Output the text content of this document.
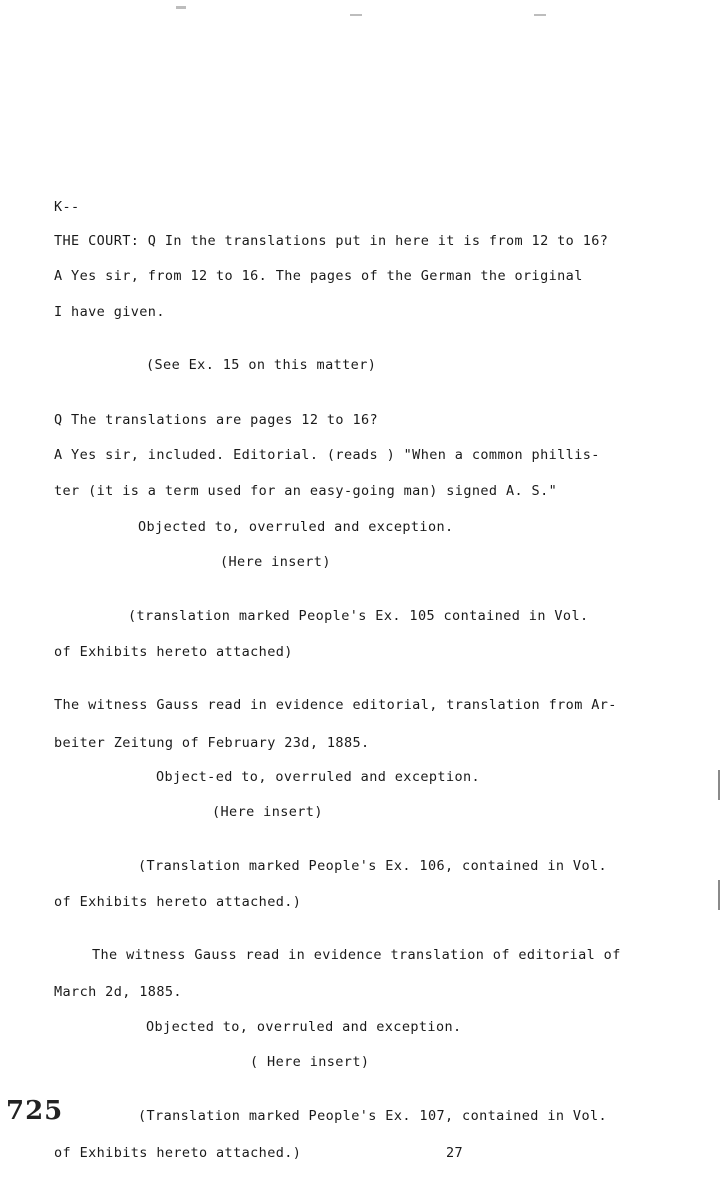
K--
THE COURT: Q In the translations put in here it is from 12 to 16?
A Yes sir, from 12 to 16. The pages of the German the original
I have given.
(See Ex. 15 on this matter)
Q The translations are pages 12 to 16?
A Yes sir, included. Editorial. (reads ) "When a common phillis-
ter (it is a term used for an easy-going man) signed A. S."
Objected to, overruled and exception.
(Here insert)
(translation marked People's Ex. 105 contained in Vol.
of Exhibits hereto attached)
The witness Gauss read in evidence editorial, translation from Ar-
beiter Zeitung of February 23d, 1885.
Object-ed to, overruled and exception.
(Here insert)
(Translation marked People's Ex. 106, contained in Vol.
of Exhibits hereto attached.)
The witness Gauss read in evidence translation of editorial of
March 2d, 1885.
Objected to, overruled and exception.
( Here insert)
725	(Translation marked People's Ex. 107, contained in Vol.
of Exhibits hereto attached.)	27
